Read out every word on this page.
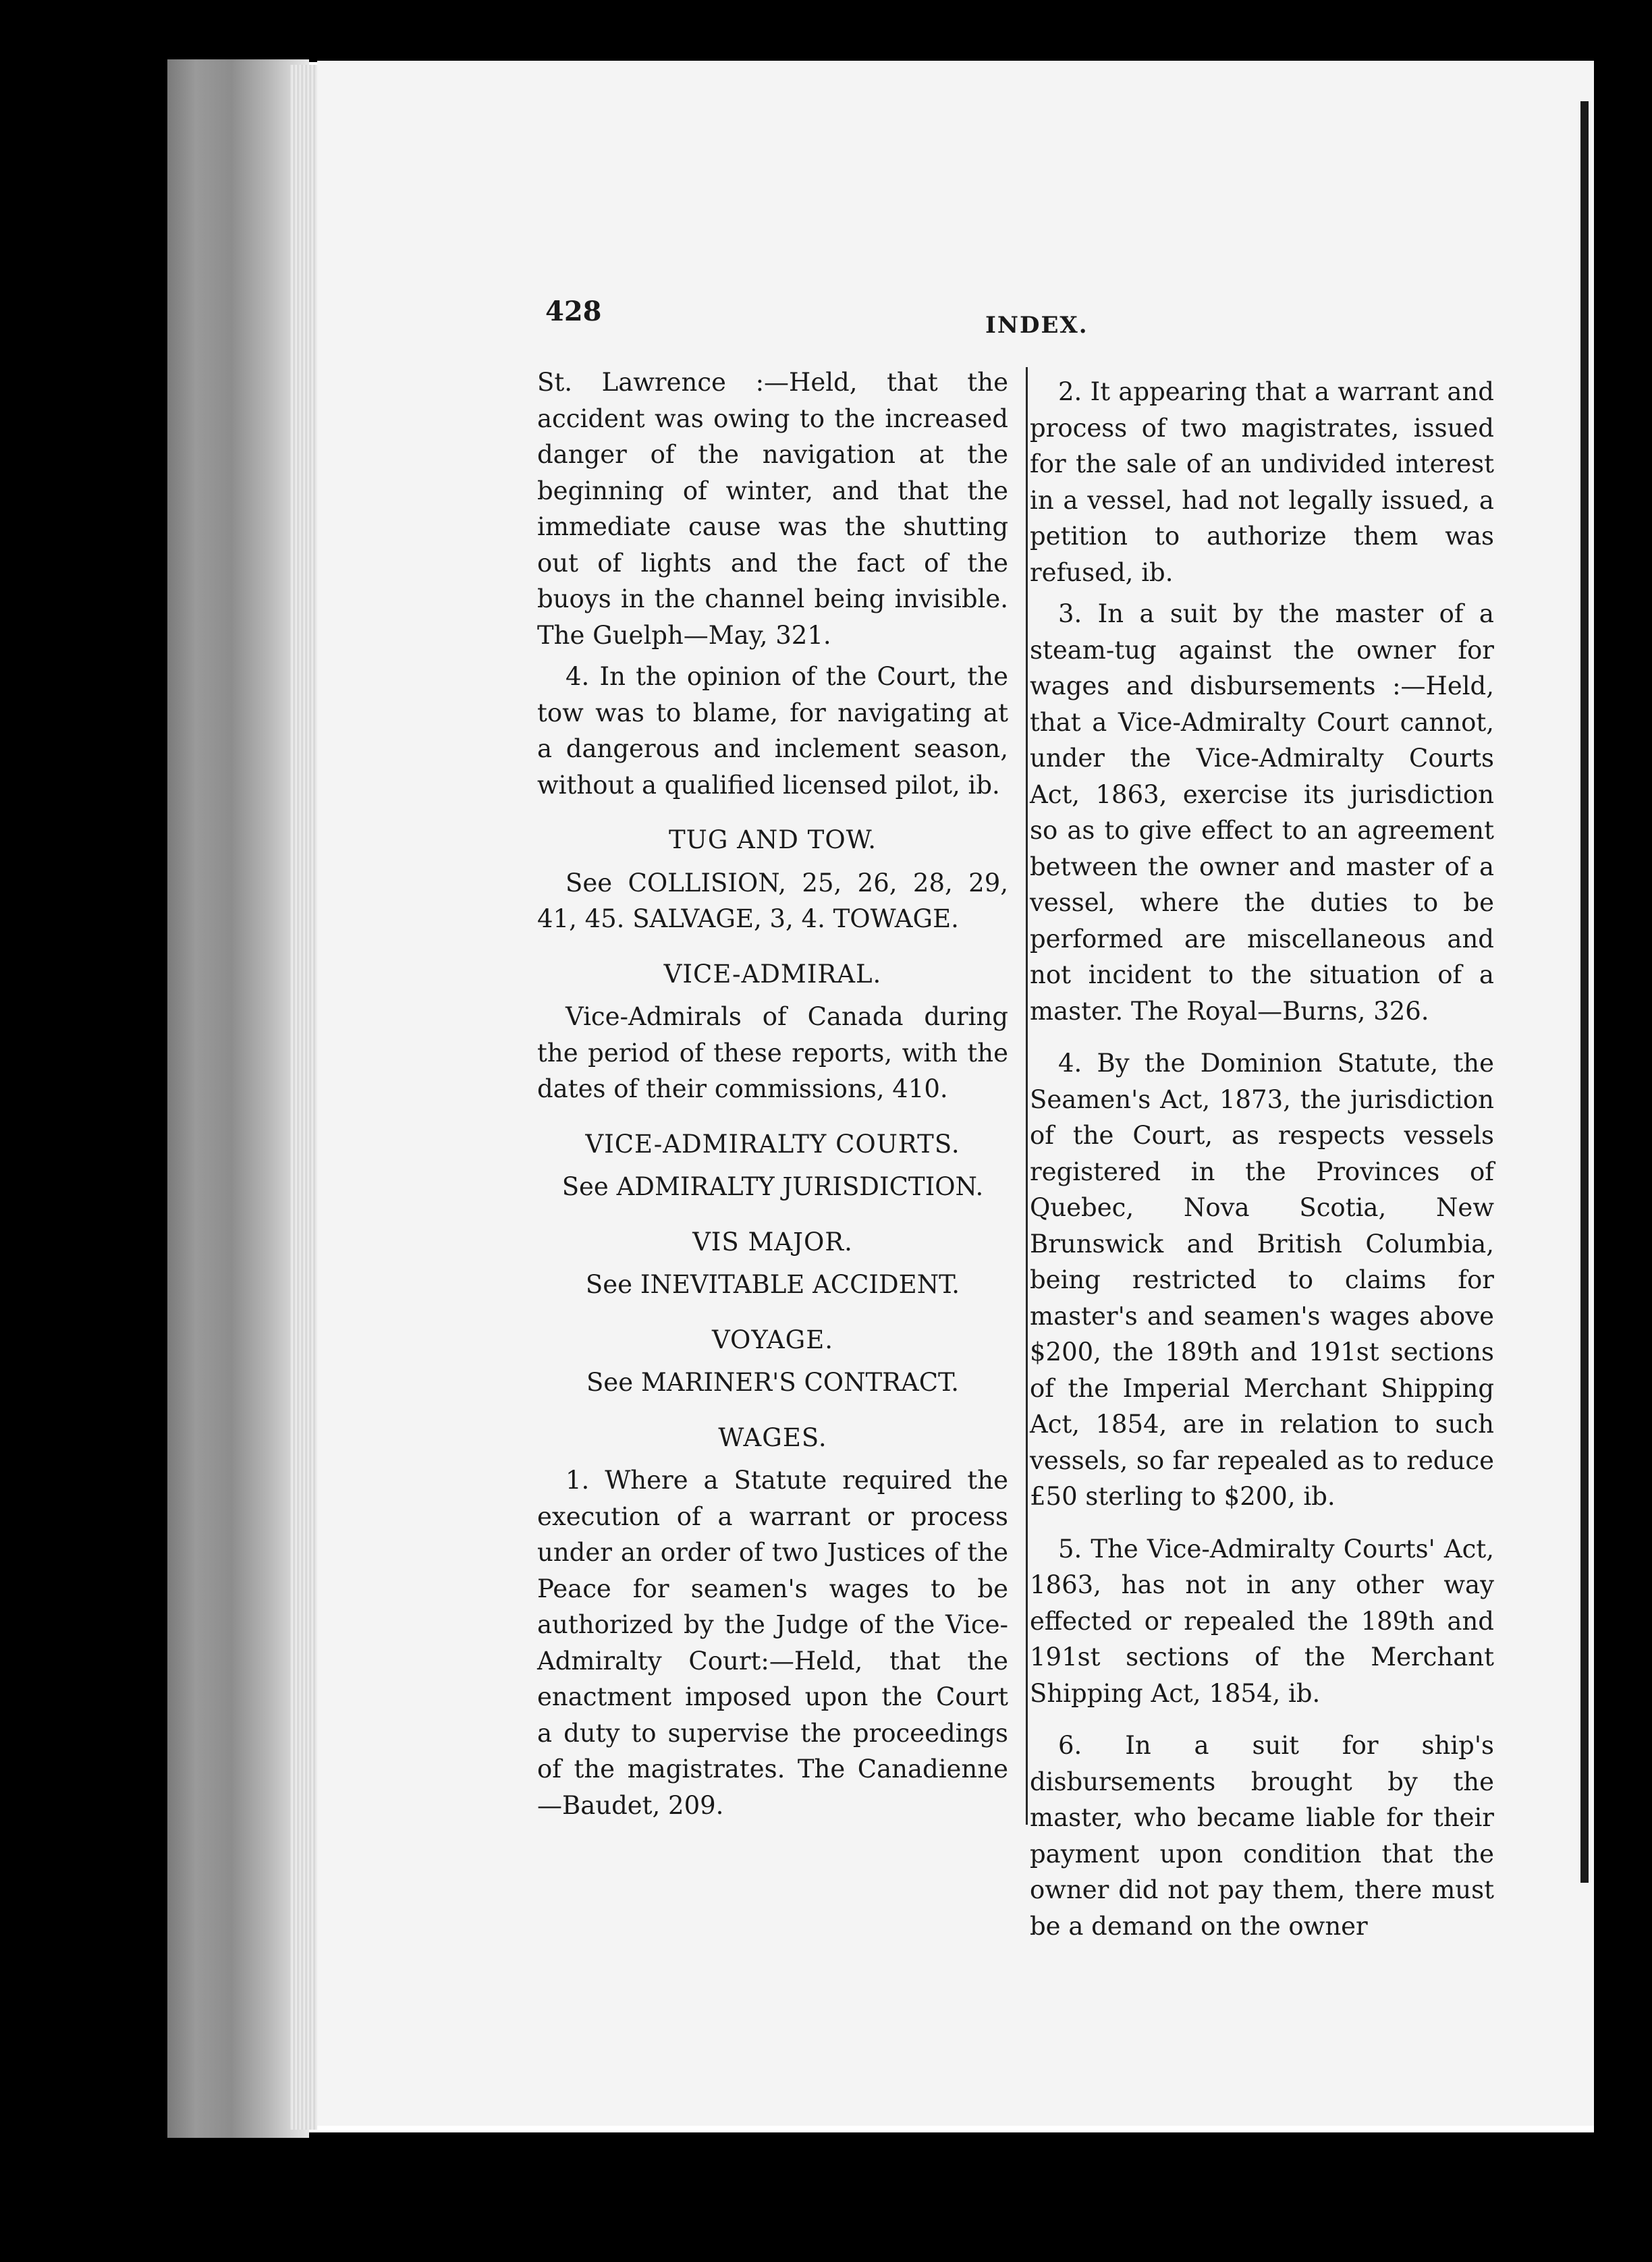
428	INDEX.
St. Lawrence :—Held, that the accident was owing to the increased danger of the navigation at the beginning of winter, and that the immediate cause was the shutting out of lights and the fact of the buoys in the channel being invisible. The Guelph—May, 321.
4. In the opinion of the Court, the tow was to blame, for navigating at a dangerous and inclement season, without a qualified licensed pilot, ib.
TUG AND TOW.
See COLLISION, 25, 26, 28, 29, 41, 45. SALVAGE, 3, 4. TOWAGE.
VICE-ADMIRAL.
Vice-Admirals of Canada during the period of these reports, with the dates of their commissions, 410.
VICE-ADMIRALTY COURTS.
See ADMIRALTY JURISDICTION.
VIS MAJOR.
See INEVITABLE ACCIDENT.
VOYAGE.
See MARINER'S CONTRACT.
WAGES.
1. Where a Statute required the execution of a warrant or process under an order of two Justices of the Peace for seamen's wages to be authorized by the Judge of the Vice-Admiralty Court:—Held, that the enactment imposed upon the Court a duty to supervise the proceedings of the magistrates. The Canadienne—Baudet, 209.
2. It appearing that a warrant and process of two magistrates, issued for the sale of an undivided interest in a vessel, had not legally issued, a petition to authorize them was refused, ib.
3. In a suit by the master of a steam-tug against the owner for wages and disbursements :—Held, that a Vice-Admiralty Court cannot, under the Vice-Admiralty Courts Act, 1863, exercise its jurisdiction so as to give effect to an agreement between the owner and master of a vessel, where the duties to be performed are miscellaneous and not incident to the situation of a master. The Royal—Burns, 326.
4. By the Dominion Statute, the Seamen's Act, 1873, the jurisdiction of the Court, as respects vessels registered in the Provinces of Quebec, Nova Scotia, New Brunswick and British Columbia, being restricted to claims for master's and seamen's wages above $200, the 189th and 191st sections of the Imperial Merchant Shipping Act, 1854, are in relation to such vessels, so far repealed as to reduce £50 sterling to $200, ib.
5. The Vice-Admiralty Courts' Act, 1863, has not in any other way effected or repealed the 189th and 191st sections of the Merchant Shipping Act, 1854, ib.
6. In a suit for ship's disbursements brought by the master, who became liable for their payment upon condition that the owner did not pay them, there must be a demand on the owner
